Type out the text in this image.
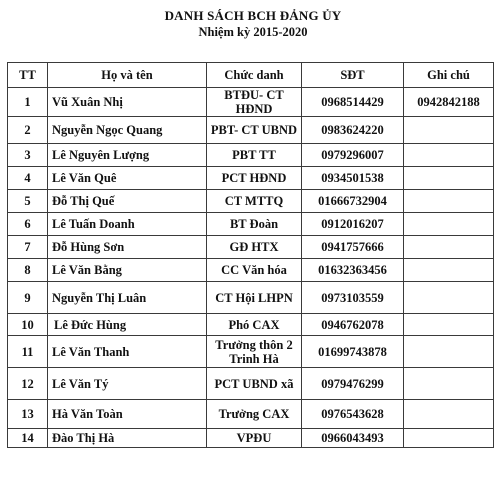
DANH SÁCH BCH ĐẢNG ỦY
Nhiệm kỳ 2015-2020
TT	Họ và tên	Chức danh	SĐT	Ghi chú
1	Vũ Xuân Nhị	BTĐU- CT HĐND	0968514429	0942842188
2	Nguyễn Ngọc Quang	PBT- CT UBND	0983624220	
3	Lê Nguyên Lượng	PBT TT	0979296007	
4	Lê Văn Quê	PCT HĐND	0934501538	
5	Đỗ Thị Quế	CT MTTQ	01666732904	
6	Lê Tuấn Doanh	BT Đoàn	0912016207	
7	Đỗ Hùng Sơn	GĐ HTX	0941757666	
8	Lê Văn Bằng	CC Văn hóa	01632363456	
9	Nguyễn Thị Luân	CT Hội LHPN	0973103559	
10	Lê Đức Hùng	Phó CAX	0946762078	
11	Lê Văn Thanh	Trưởng thôn 2 Trinh Hà	01699743878	
12	Lê Văn Tý	PCT UBND xã	0979476299	
13	Hà Văn Toàn	Trưởng CAX	0976543628	
14	Đào Thị Hà	VPĐU	0966043493	
